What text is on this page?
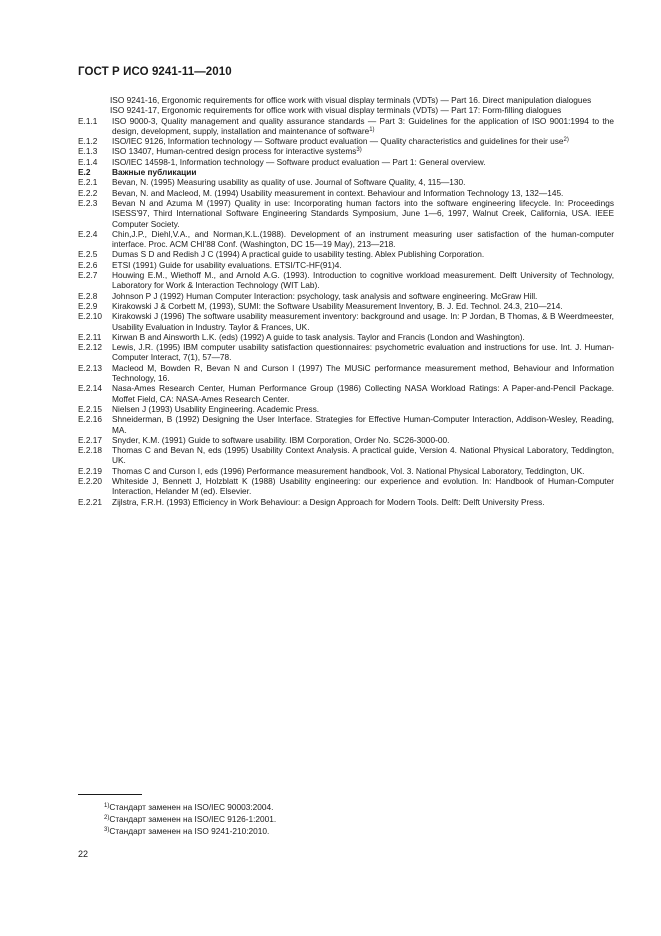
ГОСТ Р ИСО 9241-11—2010

ISO 9241-16, Ergonomic requirements for office work with visual display terminals (VDTs) — Part 16. Direct manipulation dialogues

ISO 9241-17, Ergonomic requirements for office work with visual display terminals (VDTs) — Part 17: Form-filling dialogues

E.1.1	ISO 9000-3, Quality management and quality assurance standards — Part 3: Guidelines for the application of ISO 9001:1994 to the design, development, supply, installation and maintenance of software$^{1)}$
E.1.2	ISO/IEC 9126, Information technology — Software product evaluation — Quality characteristics and guidelines for their use$^{2)}$
E.1.3	ISO 13407, Human-centred design process for interactive systems$^{3)}$
E.1.4	ISO/IEC 14598-1, Information technology — Software product evaluation — Part 1: General overview.
E.2	Важные публикации
E.2.1	Bevan, N. (1995) Measuring usability as quality of use. Journal of Software Quality, 4, 115—130.
E.2.2	Bevan, N. and Macleod, M. (1994) Usability measurement in context. Behaviour and Information Technology 13, 132—145.
E.2.3	Bevan N and Azuma M (1997) Quality in use: Incorporating human factors into the software engineering lifecycle. In: Proceedings ISESS'97, Third International Software Engineering Standards Symposium, June 1—6, 1997, Walnut Creek, California, USA. IEEE Computer Society.
E.2.4	Chin,J.P., Diehl,V.A., and Norman,K.L.(1988). Development of an instrument measuring user satisfaction of the human-computer interface. Proc. ACM CHI'88 Conf. (Washington, DC 15—19 May), 213—218.
E.2.5	Dumas S D and Redish J C (1994) A practical guide to usability testing. Ablex Publishing Corporation.
E.2.6	ETSI (1991) Guide for usability evaluations. ETSI/TC-HF(91)4.
E.2.7	Houwing E.M., Wiethoff M., and Arnold A.G. (1993). Introduction to cognitive workload measurement. Delft University of Technology, Laboratory for Work & Interaction Technology (WIT Lab).
E.2.8	Johnson P J (1992) Human Computer Interaction: psychology, task analysis and software engineering. McGraw Hill.
E.2.9	Kirakowski J & Corbett M, (1993), SUMI: the Software Usability Measurement Inventory, B. J. Ed. Technol. 24.3, 210—214.
E.2.10	Kirakowski J (1996) The software usability measurement inventory: background and usage. In: P Jordan, B Thomas, & B Weerdmeester, Usability Evaluation in Industry. Taylor & Frances, UK.
E.2.11	Kirwan B and Ainsworth L.K. (eds) (1992) A guide to task analysis. Taylor and Francis (London and Washington).
E.2.12	Lewis, J.R. (1995) IBM computer usability satisfaction questionnaires: psychometric evaluation and instructions for use. Int. J. Human-Computer Interact, 7(1), 57—78.
E.2.13	Macleod M, Bowden R, Bevan N and Curson I (1997) The MUSiC performance measurement method, Behaviour and Information Technology, 16.
E.2.14	Nasa-Ames Research Center, Human Performance Group (1986) Collecting NASA Workload Ratings: A Paper-and-Pencil Package. Moffet Field, CA: NASA-Ames Research Center.
E.2.15	Nielsen J (1993) Usability Engineering. Academic Press.
E.2.16	Shneiderman, B (1992) Designing the User Interface. Strategies for Effective Human-Computer Interaction, Addison-Wesley, Reading, MA.
E.2.17	Snyder, K.M. (1991) Guide to software usability. IBM Corporation, Order No. SC26-3000-00.
E.2.18	Thomas C and Bevan N, eds (1995) Usability Context Analysis. A practical guide, Version 4. National Physical Laboratory, Teddington, UK.
E.2.19	Thomas C and Curson I, eds (1996) Performance measurement handbook, Vol. 3. National Physical Laboratory, Teddington, UK.
E.2.20	Whiteside J, Bennett J, Holzblatt K (1988) Usability engineering: our experience and evolution. In: Handbook of Human-Computer Interaction, Helander M (ed). Elsevier.
E.2.21	Zijlstra, F.R.H. (1993) Efficiency in Work Behaviour: a Design Approach for Modern Tools. Delft: Delft University Press.
$^{1)}$Стандарт заменен на ISO/IEC 90003:2004.
$^{2)}$Стандарт заменен на ISO/IEC 9126-1:2001.
$^{3)}$Стандарт заменен на ISO 9241-210:2010.
22
